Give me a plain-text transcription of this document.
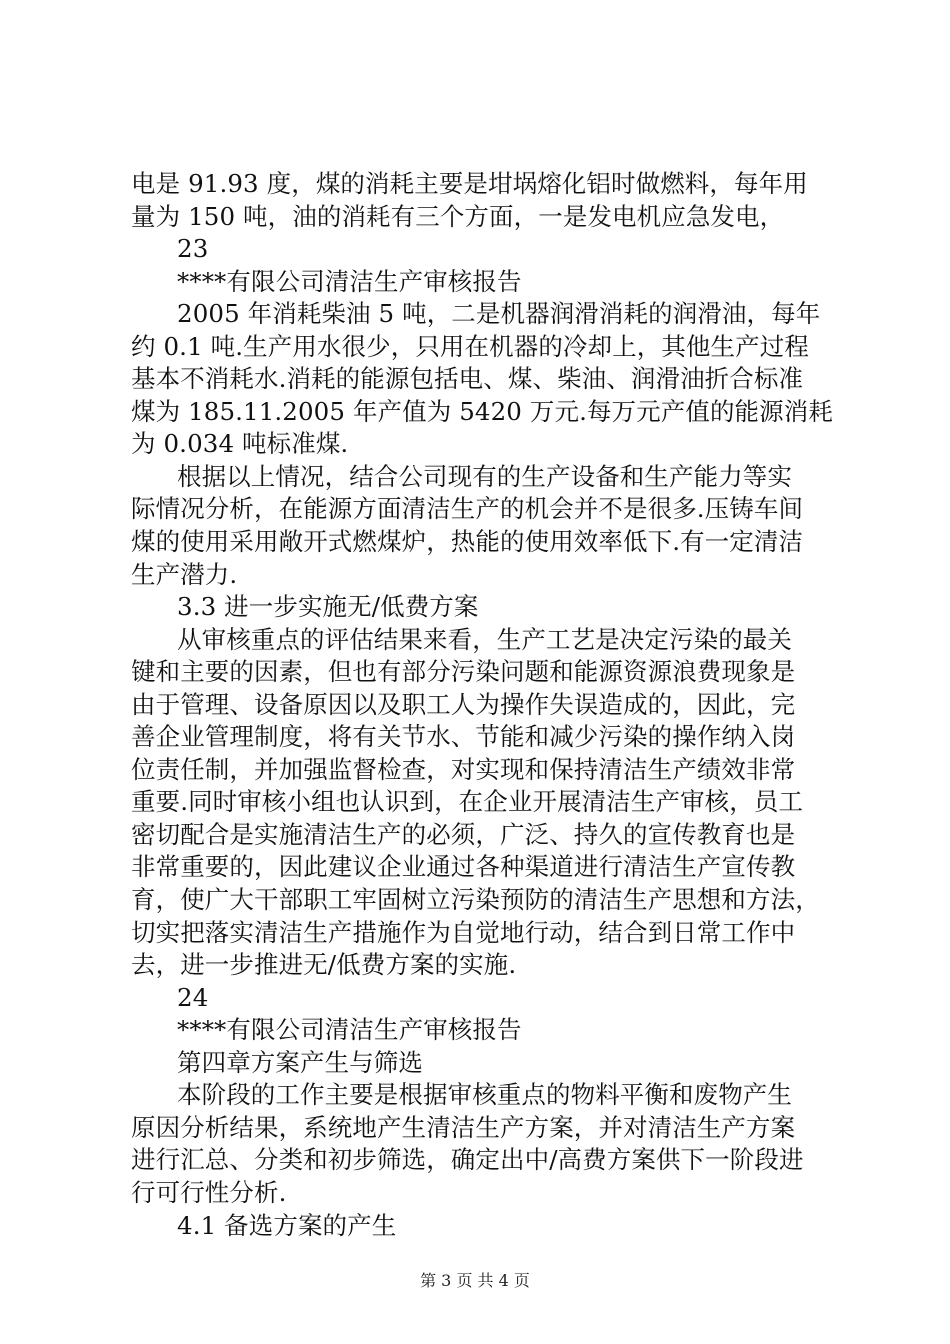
电是 91.93 度，煤的消耗主要是坩埚熔化铝时做燃料，每年用
量为 150 吨，油的消耗有三个方面，一是发电机应急发电，
23
****有限公司清洁生产审核报告
2005 年消耗柴油 5 吨，二是机器润滑消耗的润滑油，每年
约 0.1 吨.生产用水很少，只用在机器的冷却上，其他生产过程
基本不消耗水.消耗的能源包括电、煤、柴油、润滑油折合标准
煤为 185.11.2005 年产值为 5420 万元.每万元产值的能源消耗
为 0.034 吨标准煤.
根据以上情况，结合公司现有的生产设备和生产能力等实
际情况分析，在能源方面清洁生产的机会并不是很多.压铸车间
煤的使用采用敞开式燃煤炉，热能的使用效率低下.有一定清洁
生产潜力.
3.3 进一步实施无/低费方案
从审核重点的评估结果来看，生产工艺是决定污染的最关
键和主要的因素，但也有部分污染问题和能源资源浪费现象是
由于管理、设备原因以及职工人为操作失误造成的，因此，完
善企业管理制度，将有关节水、节能和减少污染的操作纳入岗
位责任制，并加强监督检查，对实现和保持清洁生产绩效非常
重要.同时审核小组也认识到，在企业开展清洁生产审核，员工
密切配合是实施清洁生产的必须，广泛、持久的宣传教育也是
非常重要的，因此建议企业通过各种渠道进行清洁生产宣传教
育，使广大干部职工牢固树立污染预防的清洁生产思想和方法，
切实把落实清洁生产措施作为自觉地行动，结合到日常工作中
去，进一步推进无/低费方案的实施.
24
****有限公司清洁生产审核报告
第四章方案产生与筛选
本阶段的工作主要是根据审核重点的物料平衡和废物产生
原因分析结果，系统地产生清洁生产方案，并对清洁生产方案
进行汇总、分类和初步筛选，确定出中/高费方案供下一阶段进
行可行性分析.
4.1 备选方案的产生
第 3 页 共 4 页
